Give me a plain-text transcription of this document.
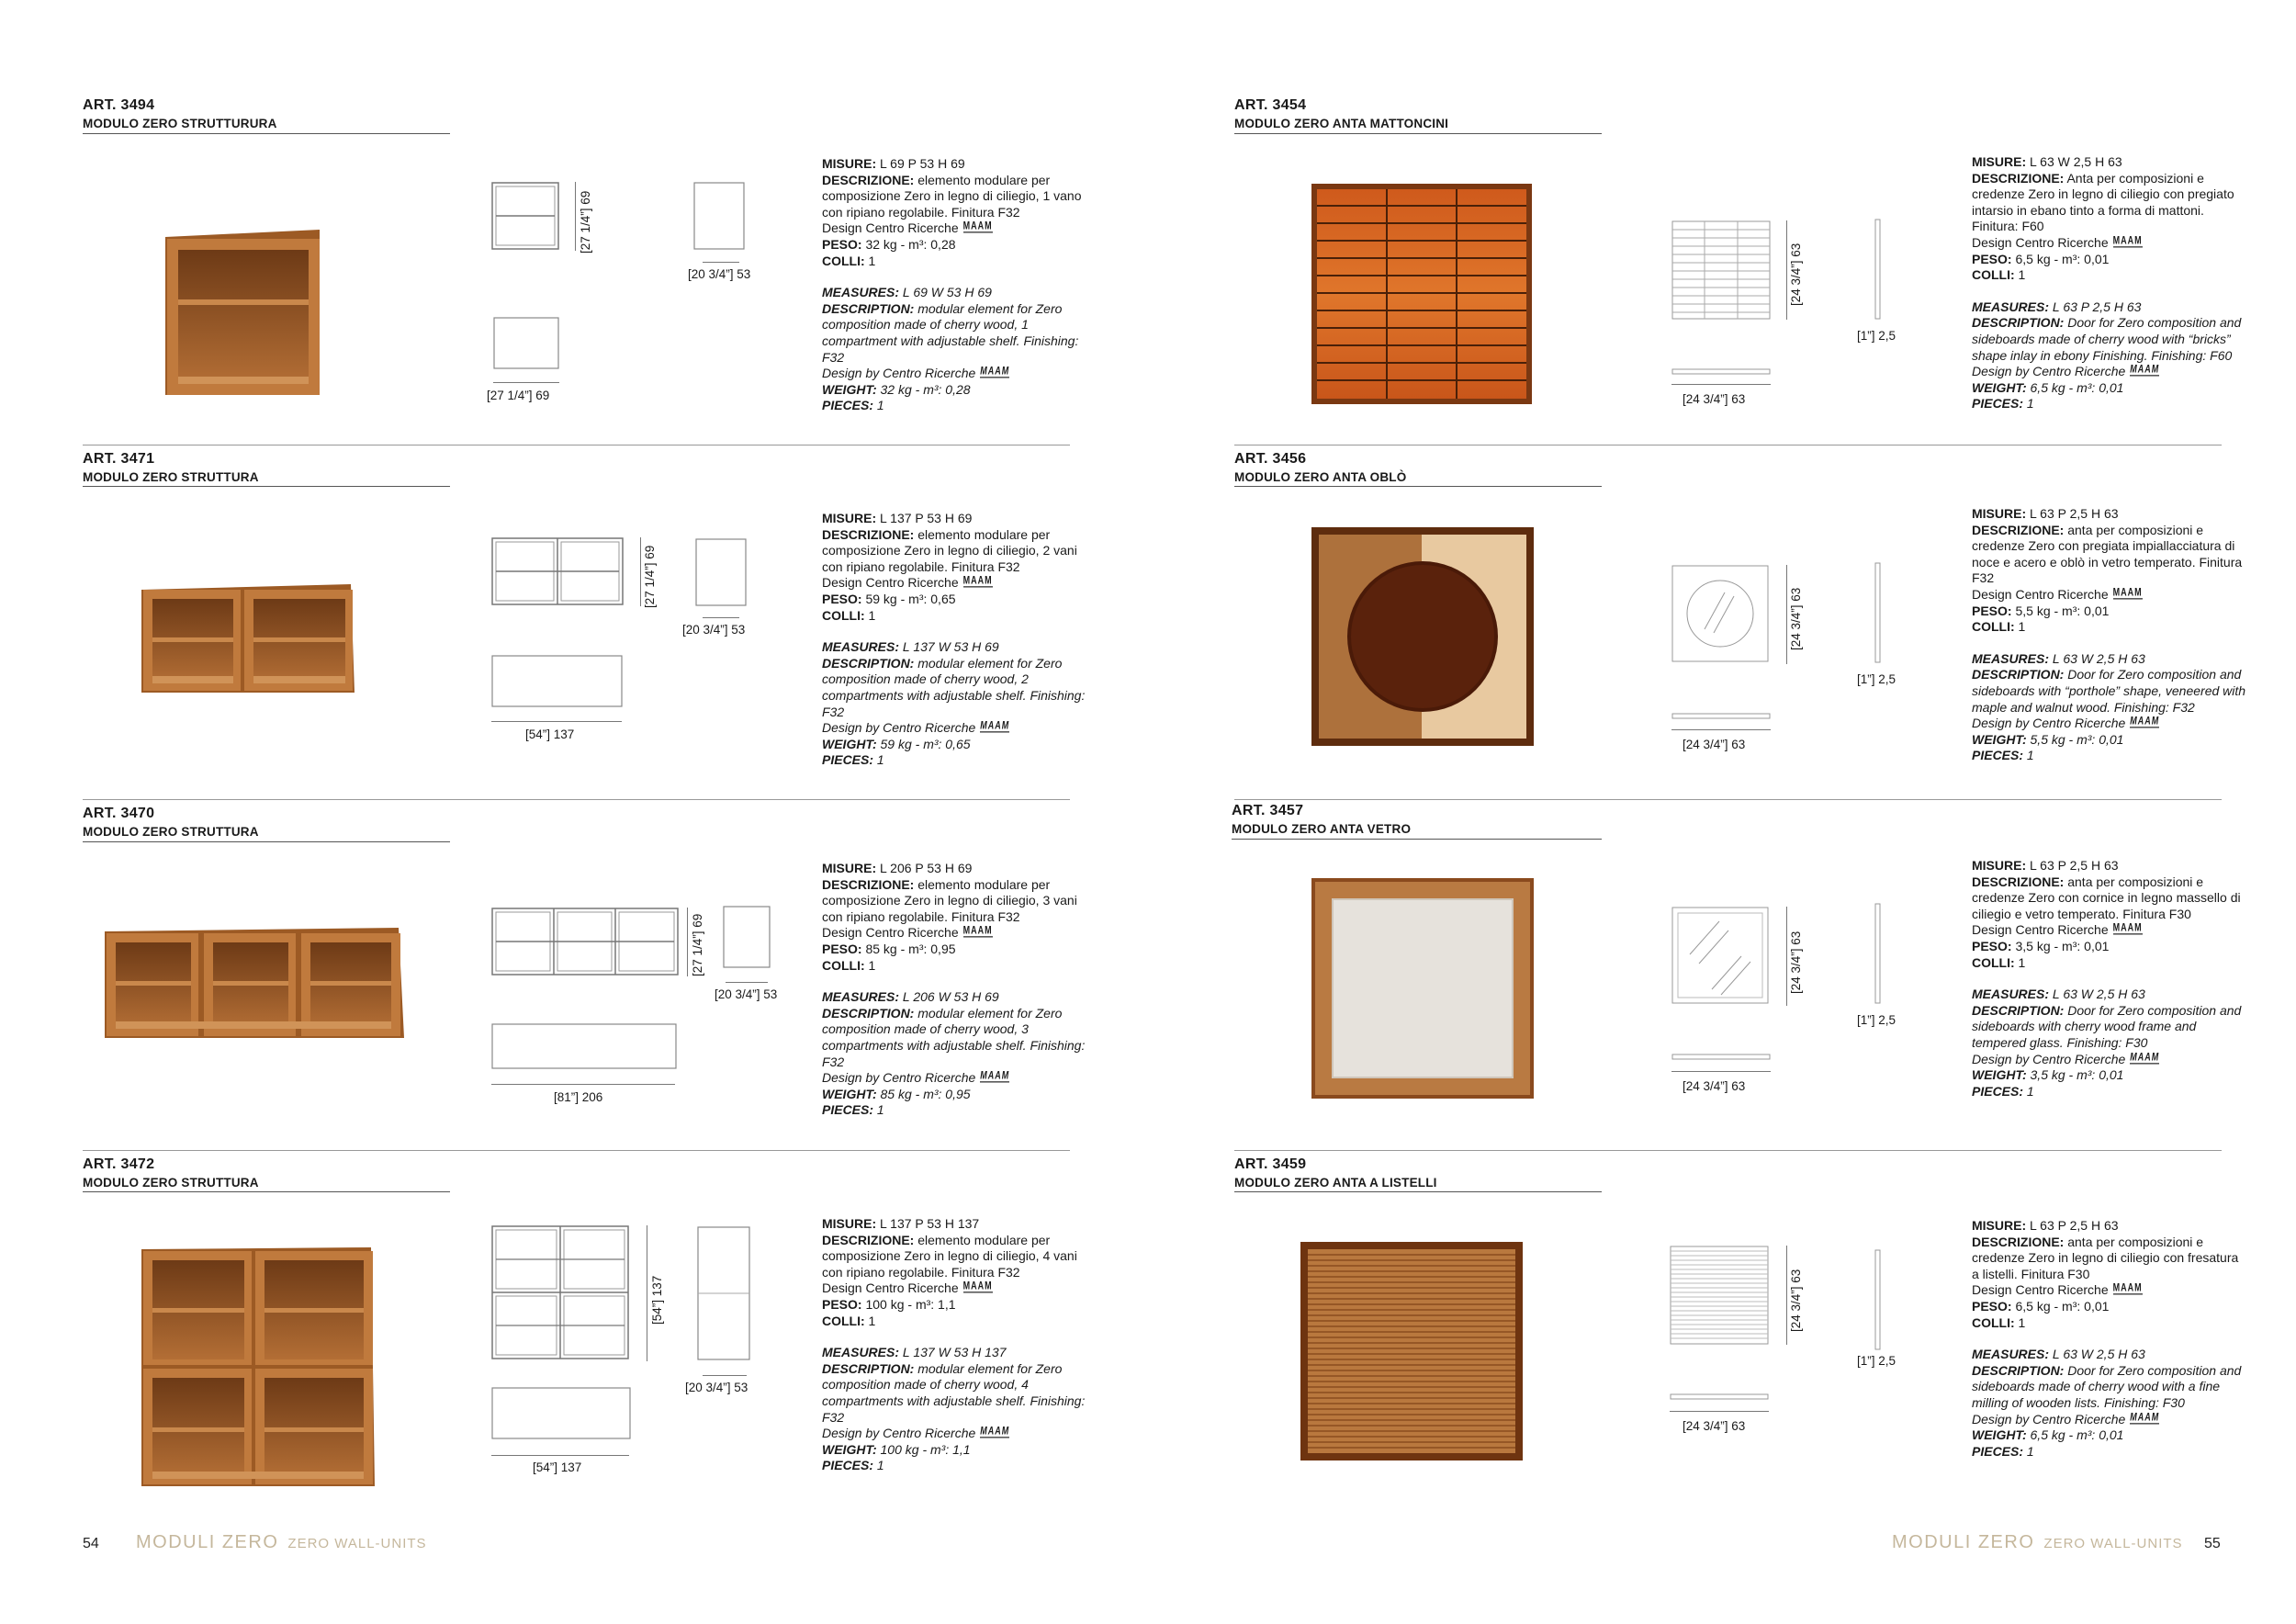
ART. 3494
MODULO ZERO STRUTTURURA
[27 1/4”] 69
[20 3/4”] 53
[27 1/4”] 69

MISURE: L 69 P 53 H 69

DESCRIZIONE: elemento modulare per composizione Zero in legno di ciliegio, 1 vano con ripiano regolabile. Finitura F32

Design Centro Ricerche MAAM

PESO: 32 kg - m³: 0,28

COLLI: 1

MEASURES: L 69 W 53 H 69

DESCRIPTION: modular element for Zero composition made of cherry wood, 1 compartment with adjustable shelf. Finishing: F32

Design by Centro Ricerche MAAM

WEIGHT: 32 kg - m³: 0,28

PIECES: 1

ART. 3471
MODULO ZERO STRUTTURA
[27 1/4”] 69
[20 3/4”] 53
[54”] 137

MISURE: L 137 P 53 H 69

DESCRIZIONE: elemento modulare per composizione Zero in legno di ciliegio, 2 vani con ripiano regolabile. Finitura F32

Design Centro Ricerche MAAM

PESO: 59 kg - m³: 0,65

COLLI: 1

MEASURES: L 137 W 53 H 69

DESCRIPTION: modular element for Zero composition made of cherry wood, 2 compartments with adjustable shelf. Finishing: F32

Design by Centro Ricerche MAAM

WEIGHT: 59 kg - m³: 0,65

PIECES: 1

ART. 3470
MODULO ZERO STRUTTURA
[27 1/4”] 69
[20 3/4”] 53
[81”] 206

MISURE: L 206 P 53 H 69

DESCRIZIONE: elemento modulare per composizione Zero in legno di ciliegio, 3 vani con ripiano regolabile. Finitura F32

Design Centro Ricerche MAAM

PESO: 85 kg - m³: 0,95

COLLI: 1

MEASURES: L 206 W 53 H 69

DESCRIPTION: modular element for Zero composition made of cherry wood, 3 compartments with adjustable shelf. Finishing: F32

Design by Centro Ricerche MAAM

WEIGHT: 85 kg - m³: 0,95

PIECES: 1

ART. 3472
MODULO ZERO STRUTTURA
[54”] 137
[20 3/4”] 53
[54”] 137

MISURE: L 137 P 53 H 137

DESCRIZIONE: elemento modulare per composizione Zero in legno di ciliegio, 4 vani con ripiano regolabile. Finitura F32

Design Centro Ricerche MAAM

PESO: 100 kg - m³: 1,1

COLLI: 1

MEASURES: L 137 W 53 H 137

DESCRIPTION: modular element for Zero composition made of cherry wood, 4 compartments with adjustable shelf. Finishing: F32

Design by Centro Ricerche MAAM

WEIGHT: 100 kg - m³: 1,1

PIECES: 1

ART. 3454
MODULO ZERO ANTA MATTONCINI
[24 3/4”] 63
[1”] 2,5
[24 3/4”] 63

MISURE: L 63 W 2,5 H 63

DESCRIZIONE: Anta per composizioni e credenze Zero in legno di ciliegio con pregiato intarsio in ebano tinto a forma di mattoni. Finitura: F60

Design Centro Ricerche MAAM

PESO: 6,5 kg - m³: 0,01

COLLI: 1

MEASURES: L 63 P 2,5 H 63

DESCRIPTION: Door for Zero composition and sideboards made of cherry wood with “bricks” shape inlay in ebony Finishing. Finishing: F60

Design by Centro Ricerche MAAM

WEIGHT: 6,5 kg - m³: 0,01

PIECES: 1

ART. 3456
MODULO ZERO ANTA OBLÒ
[24 3/4”] 63
[1”] 2,5
[24 3/4”] 63

MISURE: L 63 P 2,5 H 63

DESCRIZIONE: anta per composizioni e credenze Zero con pregiata impiallacciatura di noce e acero e oblò in vetro temperato. Finitura F32

Design Centro Ricerche MAAM

PESO: 5,5 kg - m³: 0,01

COLLI: 1

MEASURES: L 63 W 2,5 H 63

DESCRIPTION: Door for Zero composition and sideboards with “porthole” shape, veneered with maple and walnut wood. Finishing: F32

Design by Centro Ricerche MAAM

WEIGHT: 5,5 kg - m³: 0,01

PIECES: 1

ART. 3457
MODULO ZERO ANTA VETRO
[24 3/4”] 63
[1”] 2,5
[24 3/4”] 63

MISURE: L 63 P 2,5 H 63

DESCRIZIONE: anta per composizioni e credenze Zero con cornice in legno massello di ciliegio e vetro temperato. Finitura F30

Design Centro Ricerche MAAM

PESO: 3,5 kg - m³: 0,01

COLLI: 1

MEASURES: L 63 W 2,5 H 63

DESCRIPTION: Door for Zero composition and sideboards with cherry wood frame and tempered glass. Finishing: F30

Design by Centro Ricerche MAAM

WEIGHT: 3,5 kg - m³: 0,01

PIECES: 1

ART. 3459
MODULO ZERO ANTA A LISTELLI
[24 3/4”] 63
[1”] 2,5
[24 3/4”] 63

MISURE: L 63 P 2,5 H 63

DESCRIZIONE: anta per composizioni e credenze Zero in legno di ciliegio con fresatura a listelli. Finitura F30

Design Centro Ricerche MAAM

PESO: 6,5 kg - m³: 0,01

COLLI: 1

MEASURES: L 63 W 2,5 H 63

DESCRIPTION: Door for Zero composition and sideboards made of cherry wood with a fine milling of wooden lists. Finishing: F30

Design by Centro Ricerche MAAM

WEIGHT: 6,5 kg - m³: 0,01

PIECES: 1

54 MODULI ZERO ZERO WALL-UNITS	MODULI ZERO ZERO WALL-UNITS 55
